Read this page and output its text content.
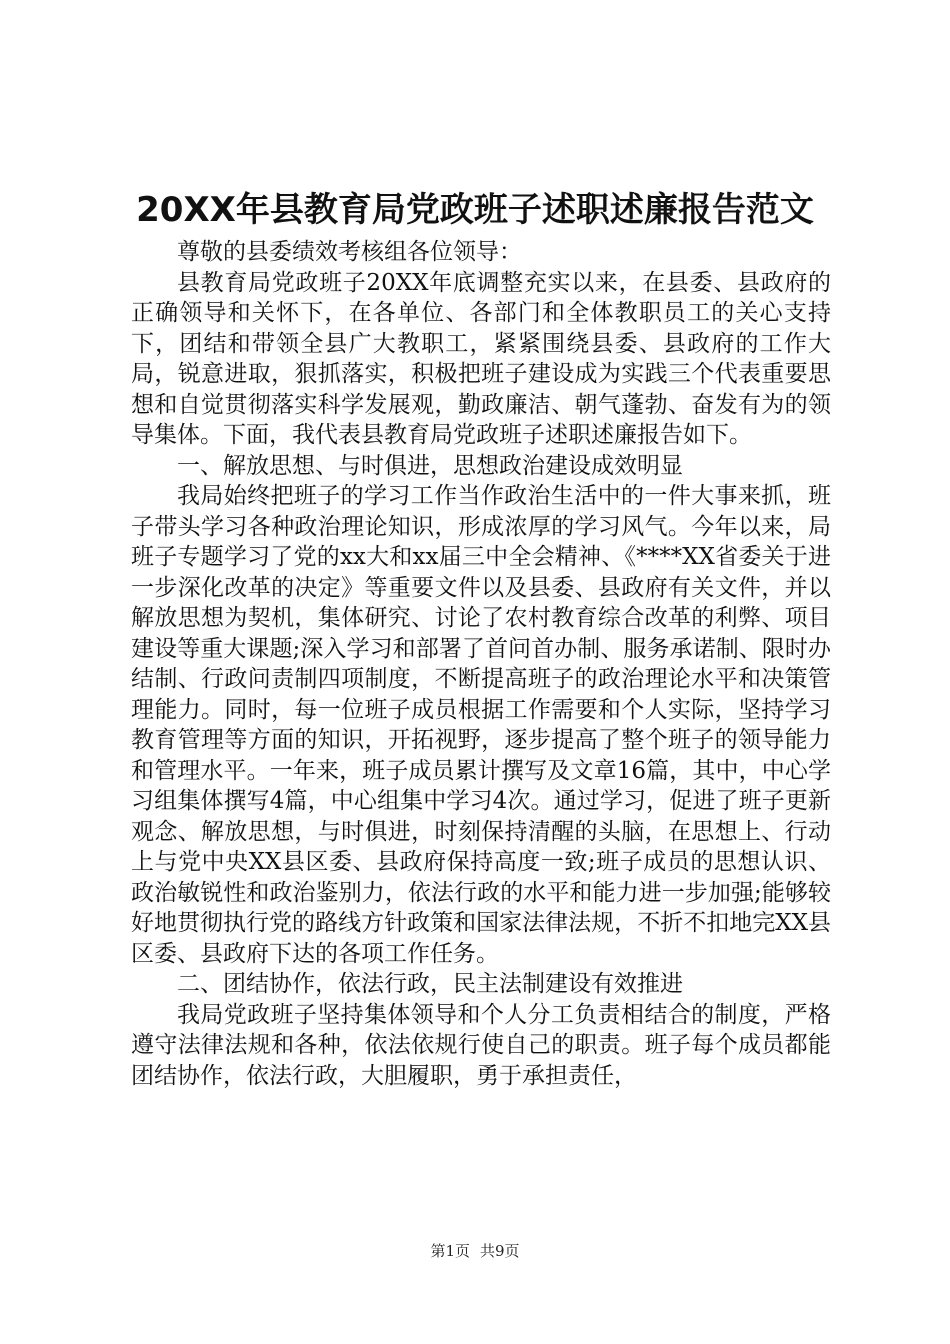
20XX年县教育局党政班子述职述廉报告范文

尊敬的县委绩效考核组各位领导：

县教育局党政班子20XX年底调整充实以来，在县委、县政府的正确领导和关怀下，在各单位、各部门和全体教职员工的关心支持下，团结和带领全县广大教职工，紧紧围绕县委、县政府的工作大局，锐意进取，狠抓落实，积极把班子建设成为实践三个代表重要思想和自觉贯彻落实科学发展观，勤政廉洁、朝气蓬勃、奋发有为的领导集体。下面，我代表县教育局党政班子述职述廉报告如下。

一、解放思想、与时俱进，思想政治建设成效明显

我局始终把班子的学习工作当作政治生活中的一件大事来抓，班子带头学习各种政治理论知识，形成浓厚的学习风气。今年以来，局班子专题学习了党的xx大和xx届三中全会精神、《****XX省委关于进一步深化改革的决定》等重要文件以及县委、县政府有关文件，并以解放思想为契机，集体研究、讨论了农村教育综合改革的利弊、项目建设等重大课题;深入学习和部署了首问首办制、服务承诺制、限时办结制、行政问责制四项制度，不断提高班子的政治理论水平和决策管理能力。同时，每一位班子成员根据工作需要和个人实际，坚持学习教育管理等方面的知识，开拓视野，逐步提高了整个班子的领导能力和管理水平。一年来，班子成员累计撰写及文章16篇，其中，中心学习组集体撰写4篇，中心组集中学习4次。通过学习，促进了班子更新观念、解放思想，与时俱进，时刻保持清醒的头脑，在思想上、行动上与党中央XX县区委、县政府保持高度一致;班子成员的思想认识、政治敏锐性和政治鉴别力，依法行政的水平和能力进一步加强;能够较好地贯彻执行党的路线方针政策和国家法律法规，不折不扣地完XX县区委、县政府下达的各项工作任务。

二、团结协作，依法行政，民主法制建设有效推进

我局党政班子坚持集体领导和个人分工负责相结合的制度，严格遵守法律法规和各种，依法依规行使自己的职责。班子每个成员都能团结协作，依法行政，大胆履职，勇于承担责任，

第1页 共9页
